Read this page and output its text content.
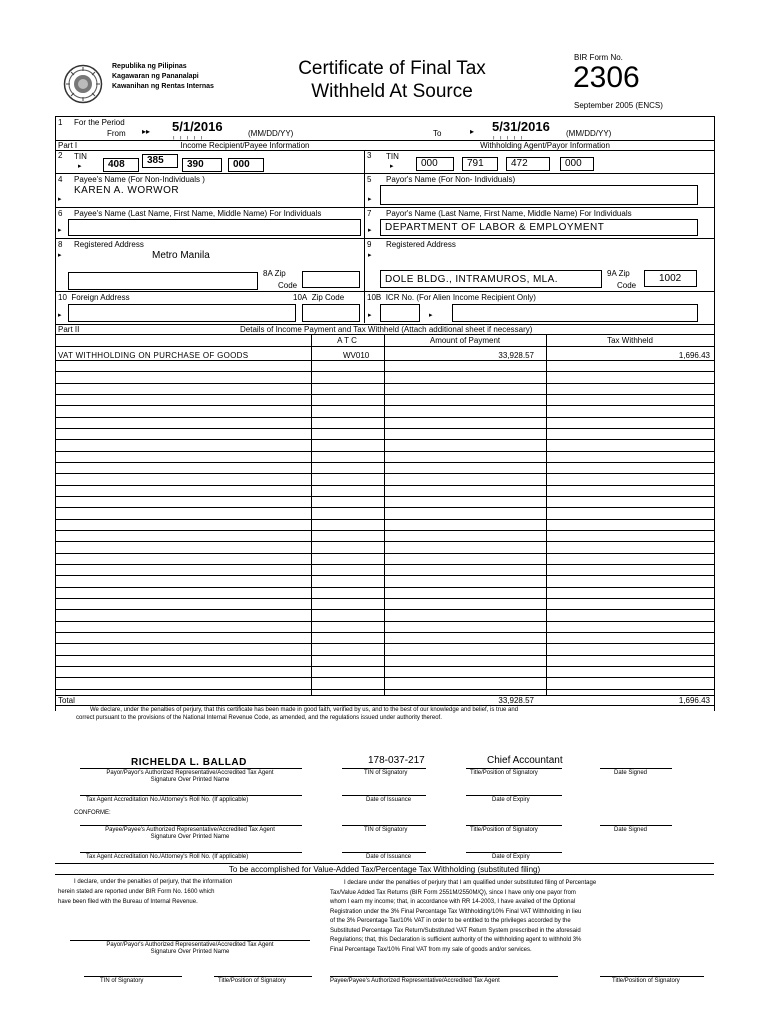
Republika ng Pilipinas
Kagawaran ng Pananalapi
Kawanihan ng Rentas Internas
Certificate of Final Tax
Withheld At Source
BIR Form No.
2306
September 2005 (ENCS)
1 For the Period
From ▸▸ 5/1/2016
╷  ╷  ╷  ╷  ╷	(MM/DD/YY)	To	▸ 5/31/2016
╷  ╷  ╷  ╷  ╷	(MM/DD/YY)
Part I	Income Recipient/Payee Information	Withholding Agent/Payor Information
2 TIN
▸	408	385	390	000
3 TIN
▸	000	791	472	000
4 Payee's Name (For Non-Individuals )
KAREN A. WORWOR
▸
5 Payor's Name (For Non- Individuals)
▸
6 Payee's Name (Last Name, First Name, Middle Name) For Individuals
▸
7 Payor's Name (Last Name, First Name, Middle Name) For Individuals
DEPARTMENT OF LABOR & EMPLOYMENT
▸
8 Registered Address
Metro Manila
▸
8A Zip
Code
9 Registered Address
▸
DOLE BLDG., INTRAMUROS, MLA.
9A Zip
Code
1002
10 Foreign Address	10A Zip Code	10B ICR No. (For Alien Income Recipient Only)
▸	▸	▸
Part II	Details of Income Payment and Tax Withheld (Attach additional sheet if necessary)
A T C	Amount of Payment	Tax Withheld
VAT WITHHOLDING ON PURCHASE OF GOODS	WV010	33,928.57	1,696.43
Total	33,928.57	1,696.43
We declare, under the penalties of perjury, that this certificate has been made in good faith, verified by us, and to the best of our knowledge and belief, is true and
correct pursuant to the provisions of the National Internal Revenue Code, as amended, and the regulations issued under authority thereof.
RICHELDA L. BALLAD	178-037-217	Chief Accountant
Payor/Payor's Authorized Representative/Accredited Tax Agent
Signature Over Printed Name
TIN of Signatory	Title/Position of Signatory	Date Signed
Tax Agent Accreditation No./Attorney's Roll No. (If applicable)	Date of Issuance	Date of Expiry
CONFORME:
Payee/Payee's Authorized Representative/Accredited Tax Agent
Signature Over Printed Name
TIN of Signatory	Title/Position of Signatory	Date Signed
Tax Agent Accreditation No./Attorney's Roll No. (If applicable)	Date of Issuance	Date of Expiry
To be accomplished for Value-Added Tax/Percentage Tax Withholding (substituted filing)
I declare, under the penalties of perjury, that the information
herein stated are reported under BIR Form No. 1600 which
have been filed with the Bureau of Internal Revenue.
I declare under the penalties of perjury that I am qualified under substituted filing of Percentage
Tax/Value Added Tax Returns (BIR Form 2551M/2550M/Q), since I have only one payor from
whom I earn my income; that, in accordance with RR 14-2003, I have availed of the Optional
Registration under the 3% Final Percentage Tax Withholding/10% Final VAT Withholding in lieu
of the 3% Percentage Tax/10% VAT in order to be entitled to the privileges accorded by the
Substituted Percentage Tax Return/Substituted VAT Return System prescribed in the aforesaid
Regulations; that, this Declaration is sufficient authority of the withholding agent to withhold 3%
Final Percentage Tax/10% Final VAT from my sale of goods and/or services.
Payor/Payor's Authorized Representative/Accredited Tax Agent
Signature Over Printed Name
TIN of Signatory	Title/Position of Signatory	Payee/Payee's Authorized Representative/Accredited Tax Agent	Title/Position of Signatory
